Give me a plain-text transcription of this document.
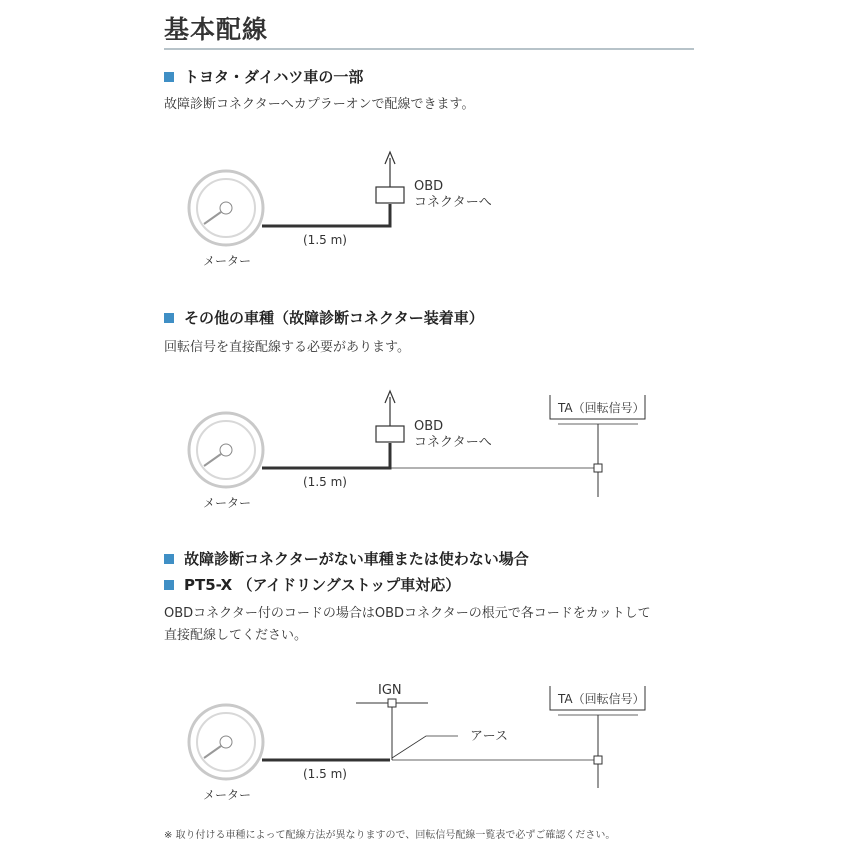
基本配線
トヨタ・ダイハツ車の一部
故障診断コネクターへカプラーオンで配線できます。
その他の車種（故障診断コネクター装着車）
回転信号を直接配線する必要があります。
故障診断コネクターがない車種または使わない場合
PT5-X （アイドリングストップ車対応）
OBDコネクター付のコードの場合はOBDコネクターの根元で各コードをカットして
直接配線してください。
OBD
コネクターへ
(1.5 m)
メーター
OBD
コネクターへ
TA（回転信号）
(1.5 m)
メーター
IGN
アース
TA（回転信号）
(1.5 m)
メーター
※ 取り付ける車種によって配線方法が異なりますので、回転信号配線一覧表で必ずご確認ください。
